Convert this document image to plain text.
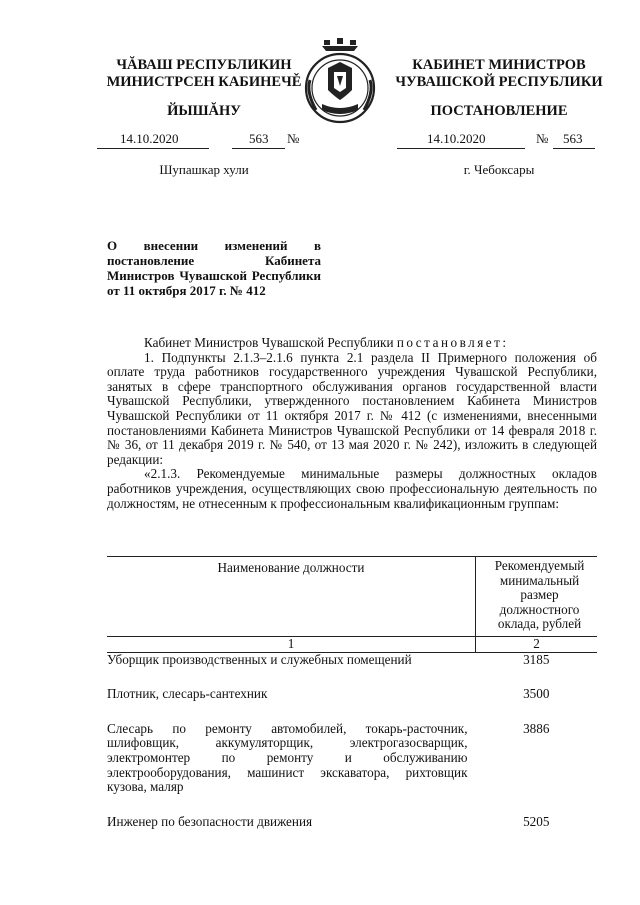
ЧĂВАШ РЕСПУБЛИКИН
МИНИСТРСЕН КАБИНЕЧĚ
ЙЫШĂНУ
КАБИНЕТ МИНИСТРОВ
ЧУВАШСКОЙ РЕСПУБЛИКИ
ПОСТАНОВЛЕНИЕ
14.10.2020	563 №	14.10.2020	№ 563
Шупашкар хули	г. Чебоксары
О внесении изменений в постановление Кабинета Министров Чувашской Республики от 11 октября 2017 г. № 412

Кабинет Министров Чувашской Республики постановляет:

1. Подпункты 2.1.3–2.1.6 пункта 2.1 раздела II Примерного положения об оплате труда работников государственного учреждения Чувашской Республики, занятых в сфере транспортного обслуживания органов государственной власти Чувашской Республики, утвержденного постановлением Кабинета Министров Чувашской Республики от 11 октября 2017 г. № 412 (с изменениями, внесенными постановлениями Кабинета Министров Чувашской Республики от 14 февраля 2018 г. № 36, от 11 декабря 2019 г. № 540, от 13 мая 2020 г. № 242), изложить в следующей редакции:

«2.1.3. Рекомендуемые минимальные размеры должностных окладов работников учреждения, осуществляющих свою профессиональную деятельность по должностям, не отнесенным к профессиональным квалификационным группам:

Наименование должности	Рекомендуемый минимальный размер должностного оклада, рублей
1	2
Уборщик производственных и служебных помещений	3185
Плотник, слесарь-сантехник	3500
Слесарь по ремонту автомобилей, токарь-расточник, шлифовщик, аккумуляторщик, электрогазосварщик, электромонтер по ремонту и обслуживанию электрооборудования, машинист экскаватора, рихтовщик кузова, маляр	3886
Инженер по безопасности движения	5205
